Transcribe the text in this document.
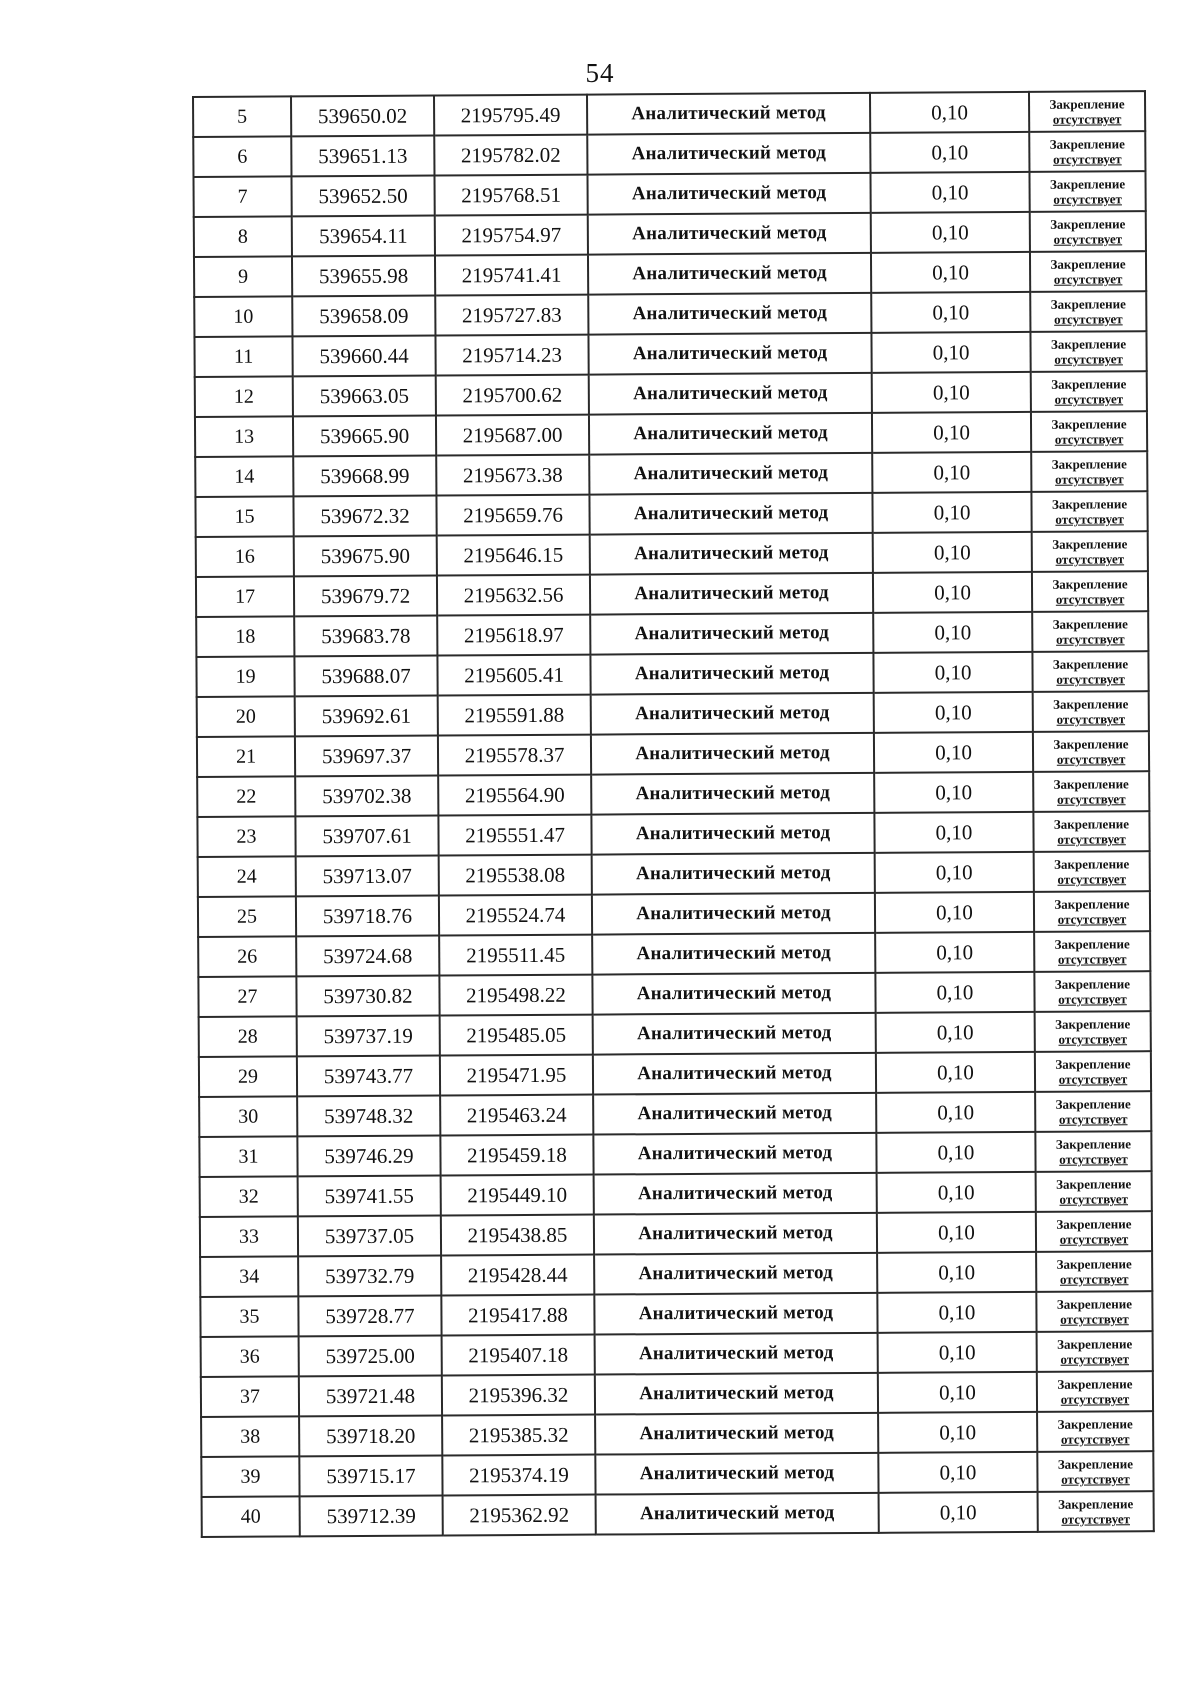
54
5	539650.02	2195795.49	Аналитический метод	0,10	Закрепление
отсутствует

6	539651.13	2195782.02	Аналитический метод	0,10	Закрепление
отсутствует

7	539652.50	2195768.51	Аналитический метод	0,10	Закрепление
отсутствует

8	539654.11	2195754.97	Аналитический метод	0,10	Закрепление
отсутствует

9	539655.98	2195741.41	Аналитический метод	0,10	Закрепление
отсутствует

10	539658.09	2195727.83	Аналитический метод	0,10	Закрепление
отсутствует

11	539660.44	2195714.23	Аналитический метод	0,10	Закрепление
отсутствует

12	539663.05	2195700.62	Аналитический метод	0,10	Закрепление
отсутствует

13	539665.90	2195687.00	Аналитический метод	0,10	Закрепление
отсутствует

14	539668.99	2195673.38	Аналитический метод	0,10	Закрепление
отсутствует

15	539672.32	2195659.76	Аналитический метод	0,10	Закрепление
отсутствует

16	539675.90	2195646.15	Аналитический метод	0,10	Закрепление
отсутствует

17	539679.72	2195632.56	Аналитический метод	0,10	Закрепление
отсутствует

18	539683.78	2195618.97	Аналитический метод	0,10	Закрепление
отсутствует

19	539688.07	2195605.41	Аналитический метод	0,10	Закрепление
отсутствует

20	539692.61	2195591.88	Аналитический метод	0,10	Закрепление
отсутствует

21	539697.37	2195578.37	Аналитический метод	0,10	Закрепление
отсутствует

22	539702.38	2195564.90	Аналитический метод	0,10	Закрепление
отсутствует

23	539707.61	2195551.47	Аналитический метод	0,10	Закрепление
отсутствует

24	539713.07	2195538.08	Аналитический метод	0,10	Закрепление
отсутствует

25	539718.76	2195524.74	Аналитический метод	0,10	Закрепление
отсутствует

26	539724.68	2195511.45	Аналитический метод	0,10	Закрепление
отсутствует

27	539730.82	2195498.22	Аналитический метод	0,10	Закрепление
отсутствует

28	539737.19	2195485.05	Аналитический метод	0,10	Закрепление
отсутствует

29	539743.77	2195471.95	Аналитический метод	0,10	Закрепление
отсутствует

30	539748.32	2195463.24	Аналитический метод	0,10	Закрепление
отсутствует

31	539746.29	2195459.18	Аналитический метод	0,10	Закрепление
отсутствует

32	539741.55	2195449.10	Аналитический метод	0,10	Закрепление
отсутствует

33	539737.05	2195438.85	Аналитический метод	0,10	Закрепление
отсутствует

34	539732.79	2195428.44	Аналитический метод	0,10	Закрепление
отсутствует

35	539728.77	2195417.88	Аналитический метод	0,10	Закрепление
отсутствует

36	539725.00	2195407.18	Аналитический метод	0,10	Закрепление
отсутствует

37	539721.48	2195396.32	Аналитический метод	0,10	Закрепление
отсутствует

38	539718.20	2195385.32	Аналитический метод	0,10	Закрепление
отсутствует

39	539715.17	2195374.19	Аналитический метод	0,10	Закрепление
отсутствует

40	539712.39	2195362.92	Аналитический метод	0,10	Закрепление
отсутствует
